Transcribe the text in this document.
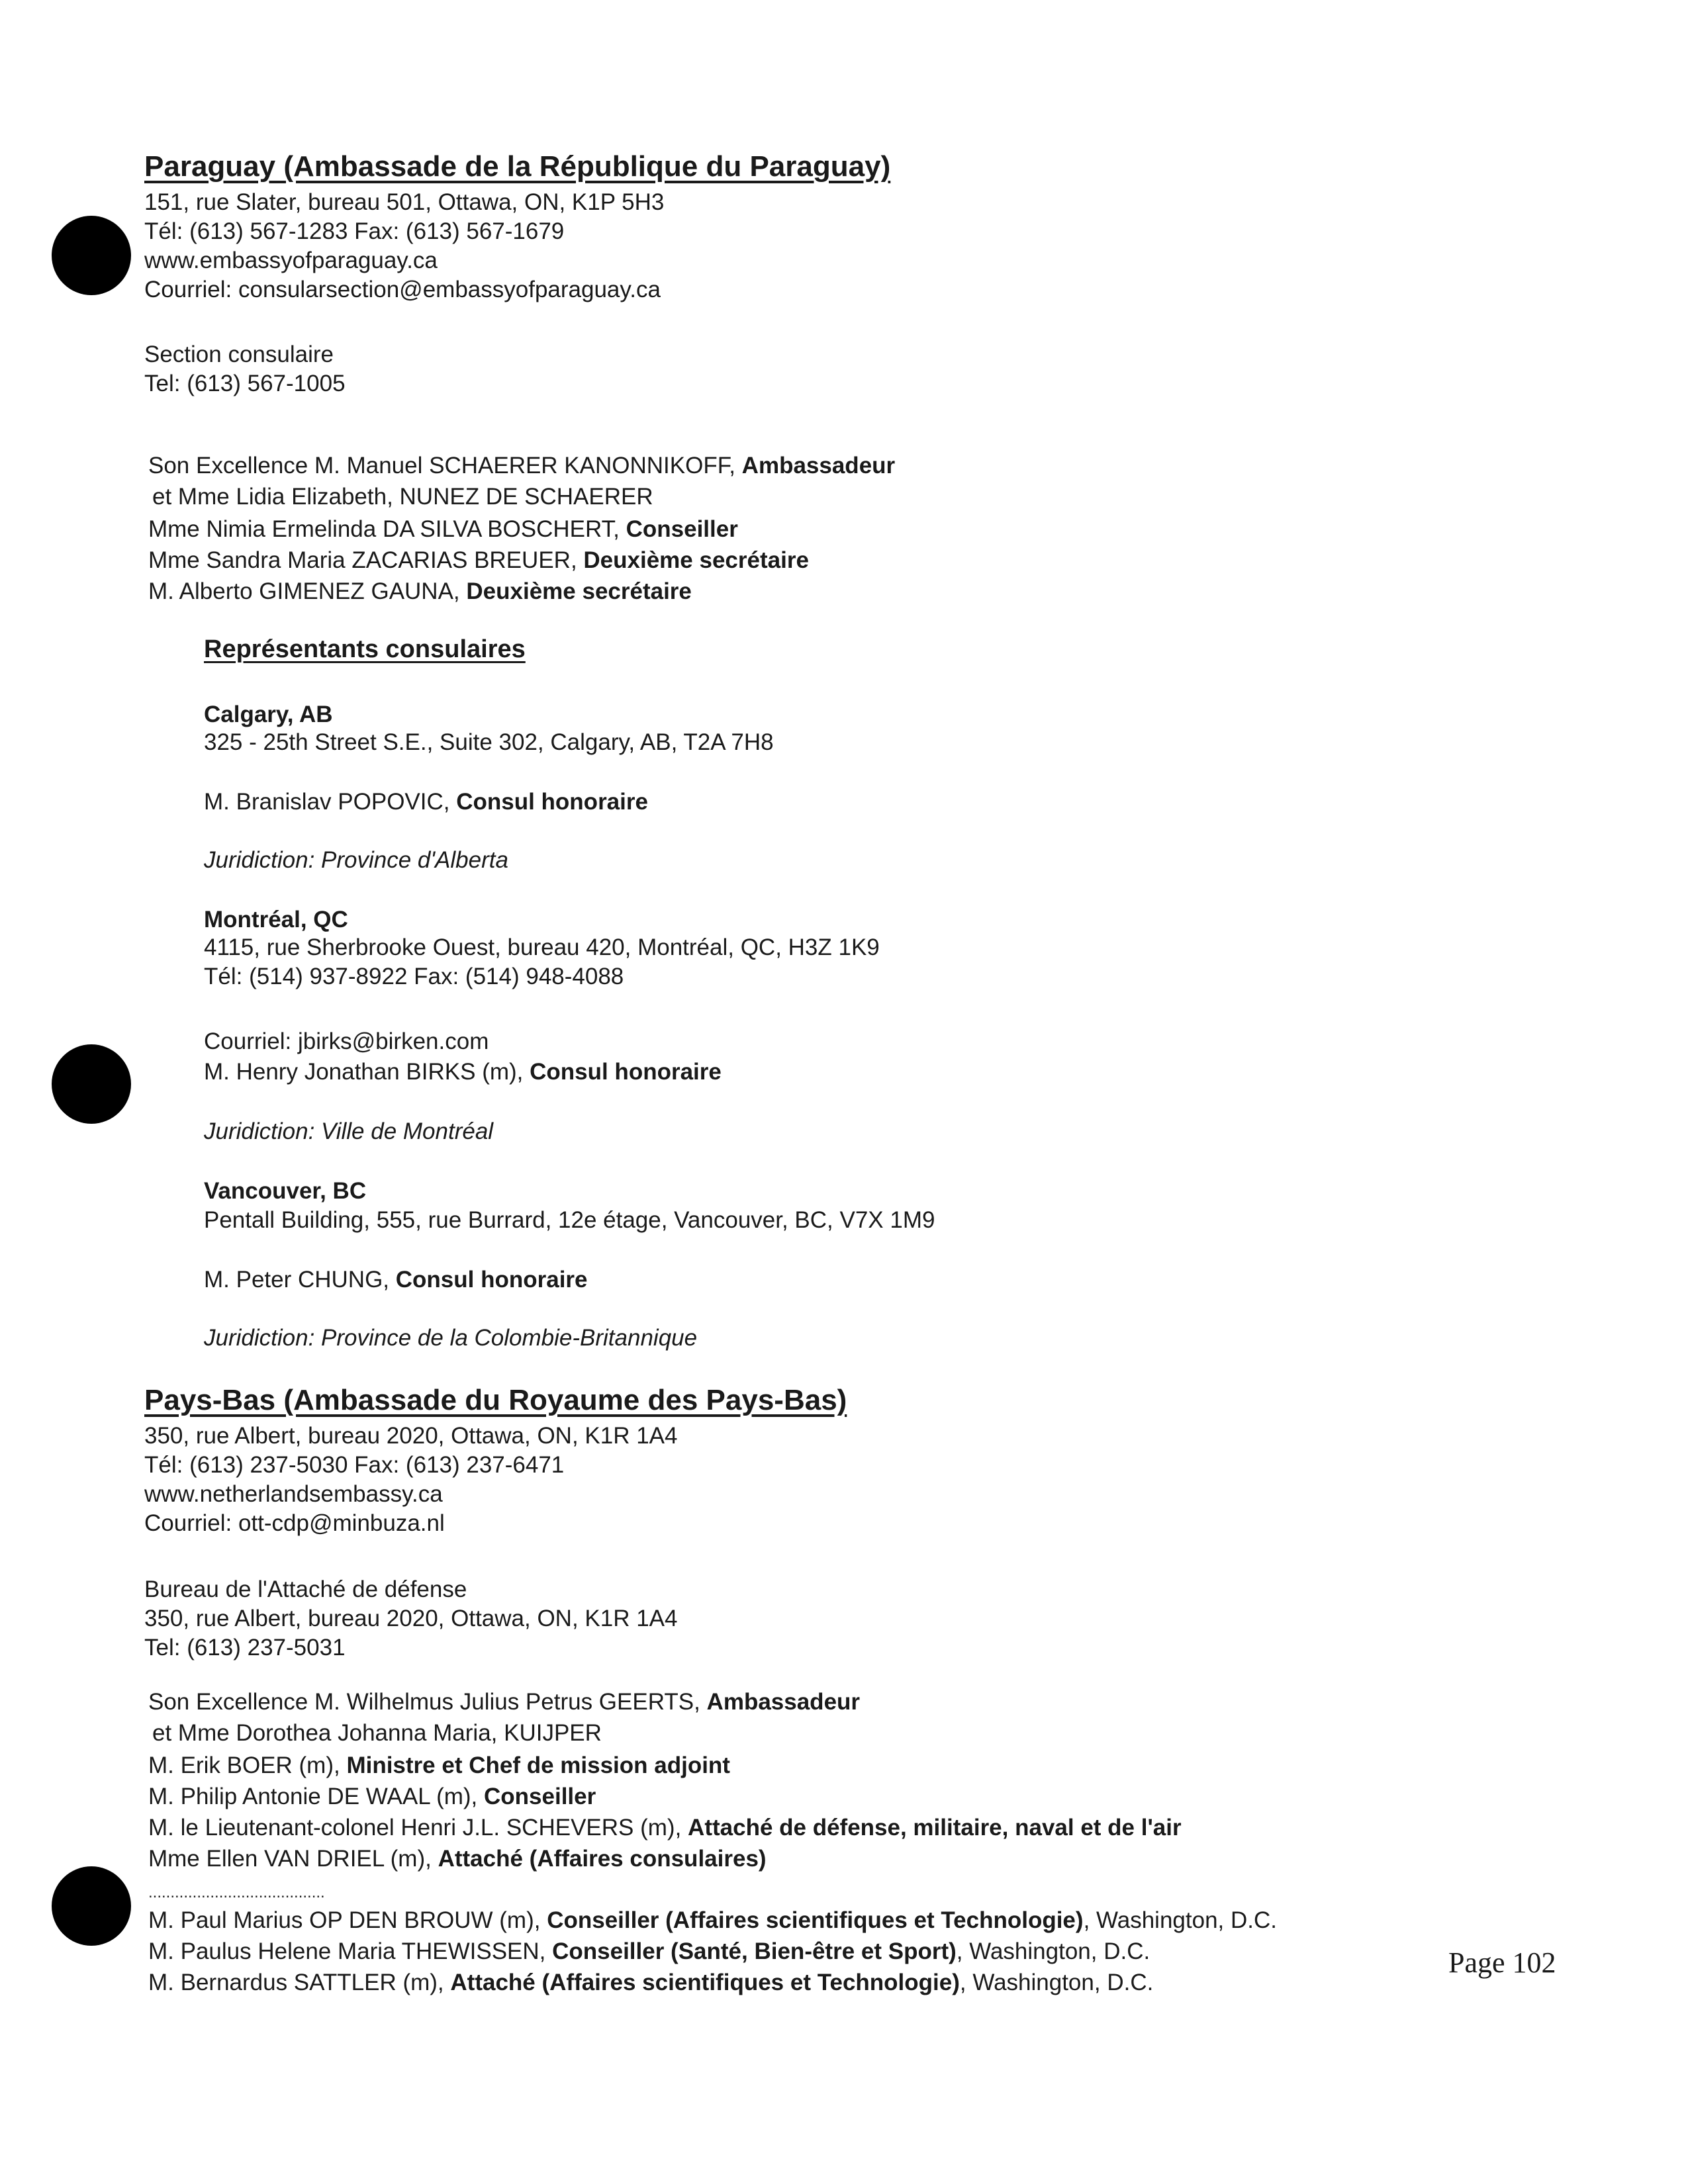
Paraguay (Ambassade de la République du Paraguay)
151, rue Slater, bureau 501, Ottawa, ON, K1P 5H3
Tél: (613) 567-1283 Fax: (613) 567-1679
www.embassyofparaguay.ca
Courriel: consularsection@embassyofparaguay.ca
Section consulaire
Tel: (613) 567-1005
Son Excellence M. Manuel SCHAERER KANONNIKOFF, Ambassadeur
et Mme Lidia Elizabeth, NUNEZ DE SCHAERER
Mme Nimia Ermelinda DA SILVA BOSCHERT, Conseiller
Mme Sandra Maria ZACARIAS BREUER, Deuxième secrétaire
M. Alberto GIMENEZ GAUNA, Deuxième secrétaire
Représentants consulaires
Calgary, AB
325 - 25th Street S.E., Suite 302, Calgary, AB, T2A 7H8
M. Branislav POPOVIC, Consul honoraire
Juridiction: Province d'Alberta
Montréal, QC
4115, rue Sherbrooke Ouest, bureau 420, Montréal, QC, H3Z 1K9
Tél: (514) 937-8922 Fax: (514) 948-4088
Courriel: jbirks@birken.com
M. Henry Jonathan BIRKS (m), Consul honoraire
Juridiction: Ville de Montréal
Vancouver, BC
Pentall Building, 555, rue Burrard, 12e étage, Vancouver, BC, V7X 1M9
M. Peter CHUNG, Consul honoraire
Juridiction: Province de la Colombie-Britannique
Pays-Bas (Ambassade du Royaume des Pays-Bas)
350, rue Albert, bureau 2020, Ottawa, ON, K1R 1A4
Tél: (613) 237-5030 Fax: (613) 237-6471
www.netherlandsembassy.ca
Courriel: ott-cdp@minbuza.nl
Bureau de l'Attaché de défense
350, rue Albert, bureau 2020, Ottawa, ON, K1R 1A4
Tel: (613) 237-5031
Son Excellence M. Wilhelmus Julius Petrus GEERTS, Ambassadeur
et Mme Dorothea Johanna Maria, KUIJPER
M. Erik BOER (m), Ministre et Chef de mission adjoint
M. Philip Antonie DE WAAL (m), Conseiller
M. le Lieutenant-colonel Henri J.L. SCHEVERS (m), Attaché de défense, militaire, naval et de l'air
Mme Ellen VAN DRIEL (m), Attaché (Affaires consulaires)
........................................
M. Paul Marius OP DEN BROUW (m), Conseiller (Affaires scientifiques et Technologie), Washington, D.C.
M. Paulus Helene Maria THEWISSEN, Conseiller (Santé, Bien-être et Sport), Washington, D.C.
M. Bernardus SATTLER (m), Attaché (Affaires scientifiques et Technologie), Washington, D.C.
Page 102
